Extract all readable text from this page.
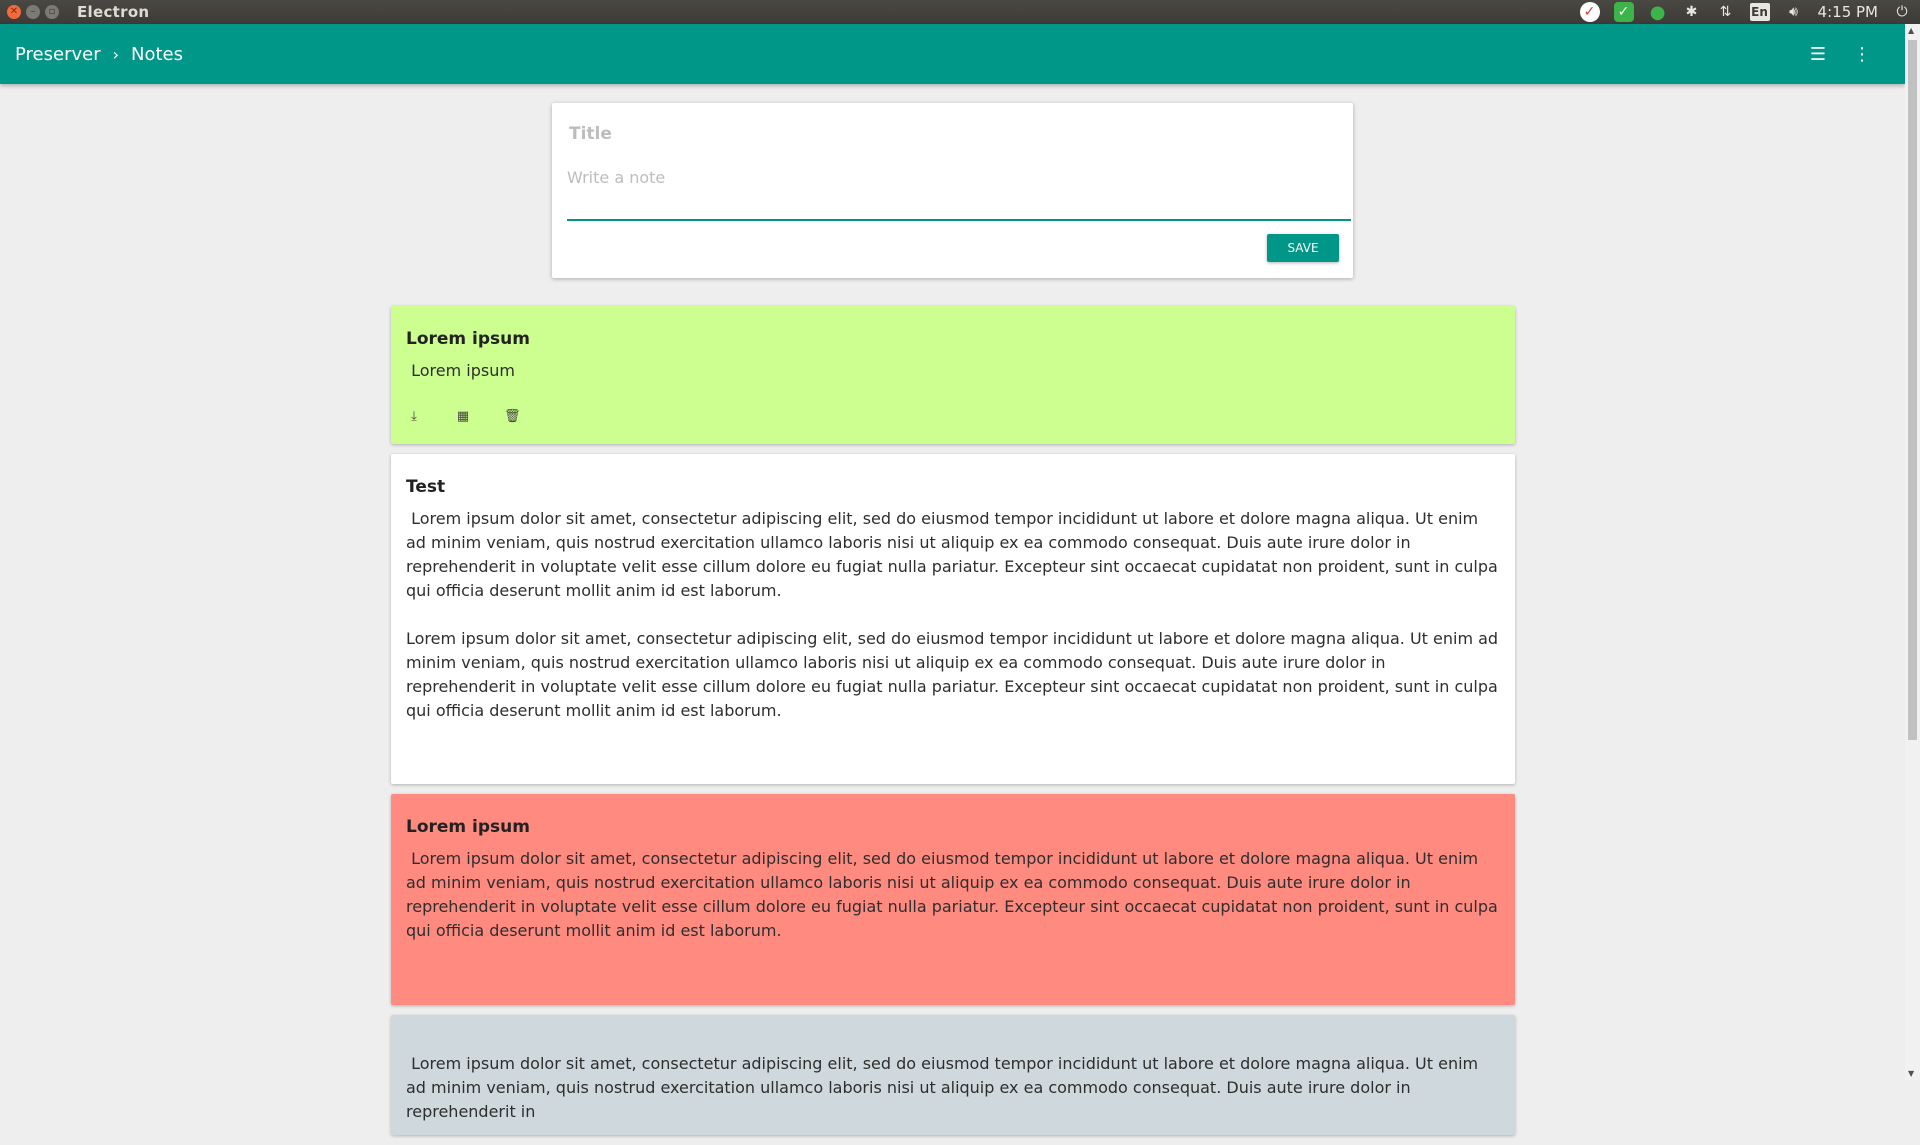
✕	–	▫ Electron	✓ ✓ ● ✱ ⇅	En	🔊︎	4:15 PM	⏻
Preserver › Notes	☰ ⋮
▲
▼
Title
Write a note
SAVE
Lorem ipsum
Lorem ipsum
⤓	▦	🗑︎
Test
Lorem ipsum dolor sit amet, consectetur adipiscing elit, sed do eiusmod tempor incididunt ut labore et dolore magna aliqua. Ut enim ad minim veniam, quis nostrud exercitation ullamco laboris nisi ut aliquip ex ea commodo consequat. Duis aute irure dolor in reprehenderit in voluptate velit esse cillum dolore eu fugiat nulla pariatur. Excepteur sint occaecat cupidatat non proident, sunt in culpa qui officia deserunt mollit anim id est laborum.

Lorem ipsum dolor sit amet, consectetur adipiscing elit, sed do eiusmod tempor incididunt ut labore et dolore magna aliqua. Ut enim ad minim veniam, quis nostrud exercitation ullamco laboris nisi ut aliquip ex ea commodo consequat. Duis aute irure dolor in reprehenderit in voluptate velit esse cillum dolore eu fugiat nulla pariatur. Excepteur sint occaecat cupidatat non proident, sunt in culpa qui officia deserunt mollit anim id est laborum.
Lorem ipsum
Lorem ipsum dolor sit amet, consectetur adipiscing elit, sed do eiusmod tempor incididunt ut labore et dolore magna aliqua. Ut enim ad minim veniam, quis nostrud exercitation ullamco laboris nisi ut aliquip ex ea commodo consequat. Duis aute irure dolor in reprehenderit in voluptate velit esse cillum dolore eu fugiat nulla pariatur. Excepteur sint occaecat cupidatat non proident, sunt in culpa qui officia deserunt mollit anim id est laborum.
Lorem ipsum dolor sit amet, consectetur adipiscing elit, sed do eiusmod tempor incididunt ut labore et dolore magna aliqua. Ut enim ad minim veniam, quis nostrud exercitation ullamco laboris nisi ut aliquip ex ea commodo consequat. Duis aute irure dolor in reprehenderit in
